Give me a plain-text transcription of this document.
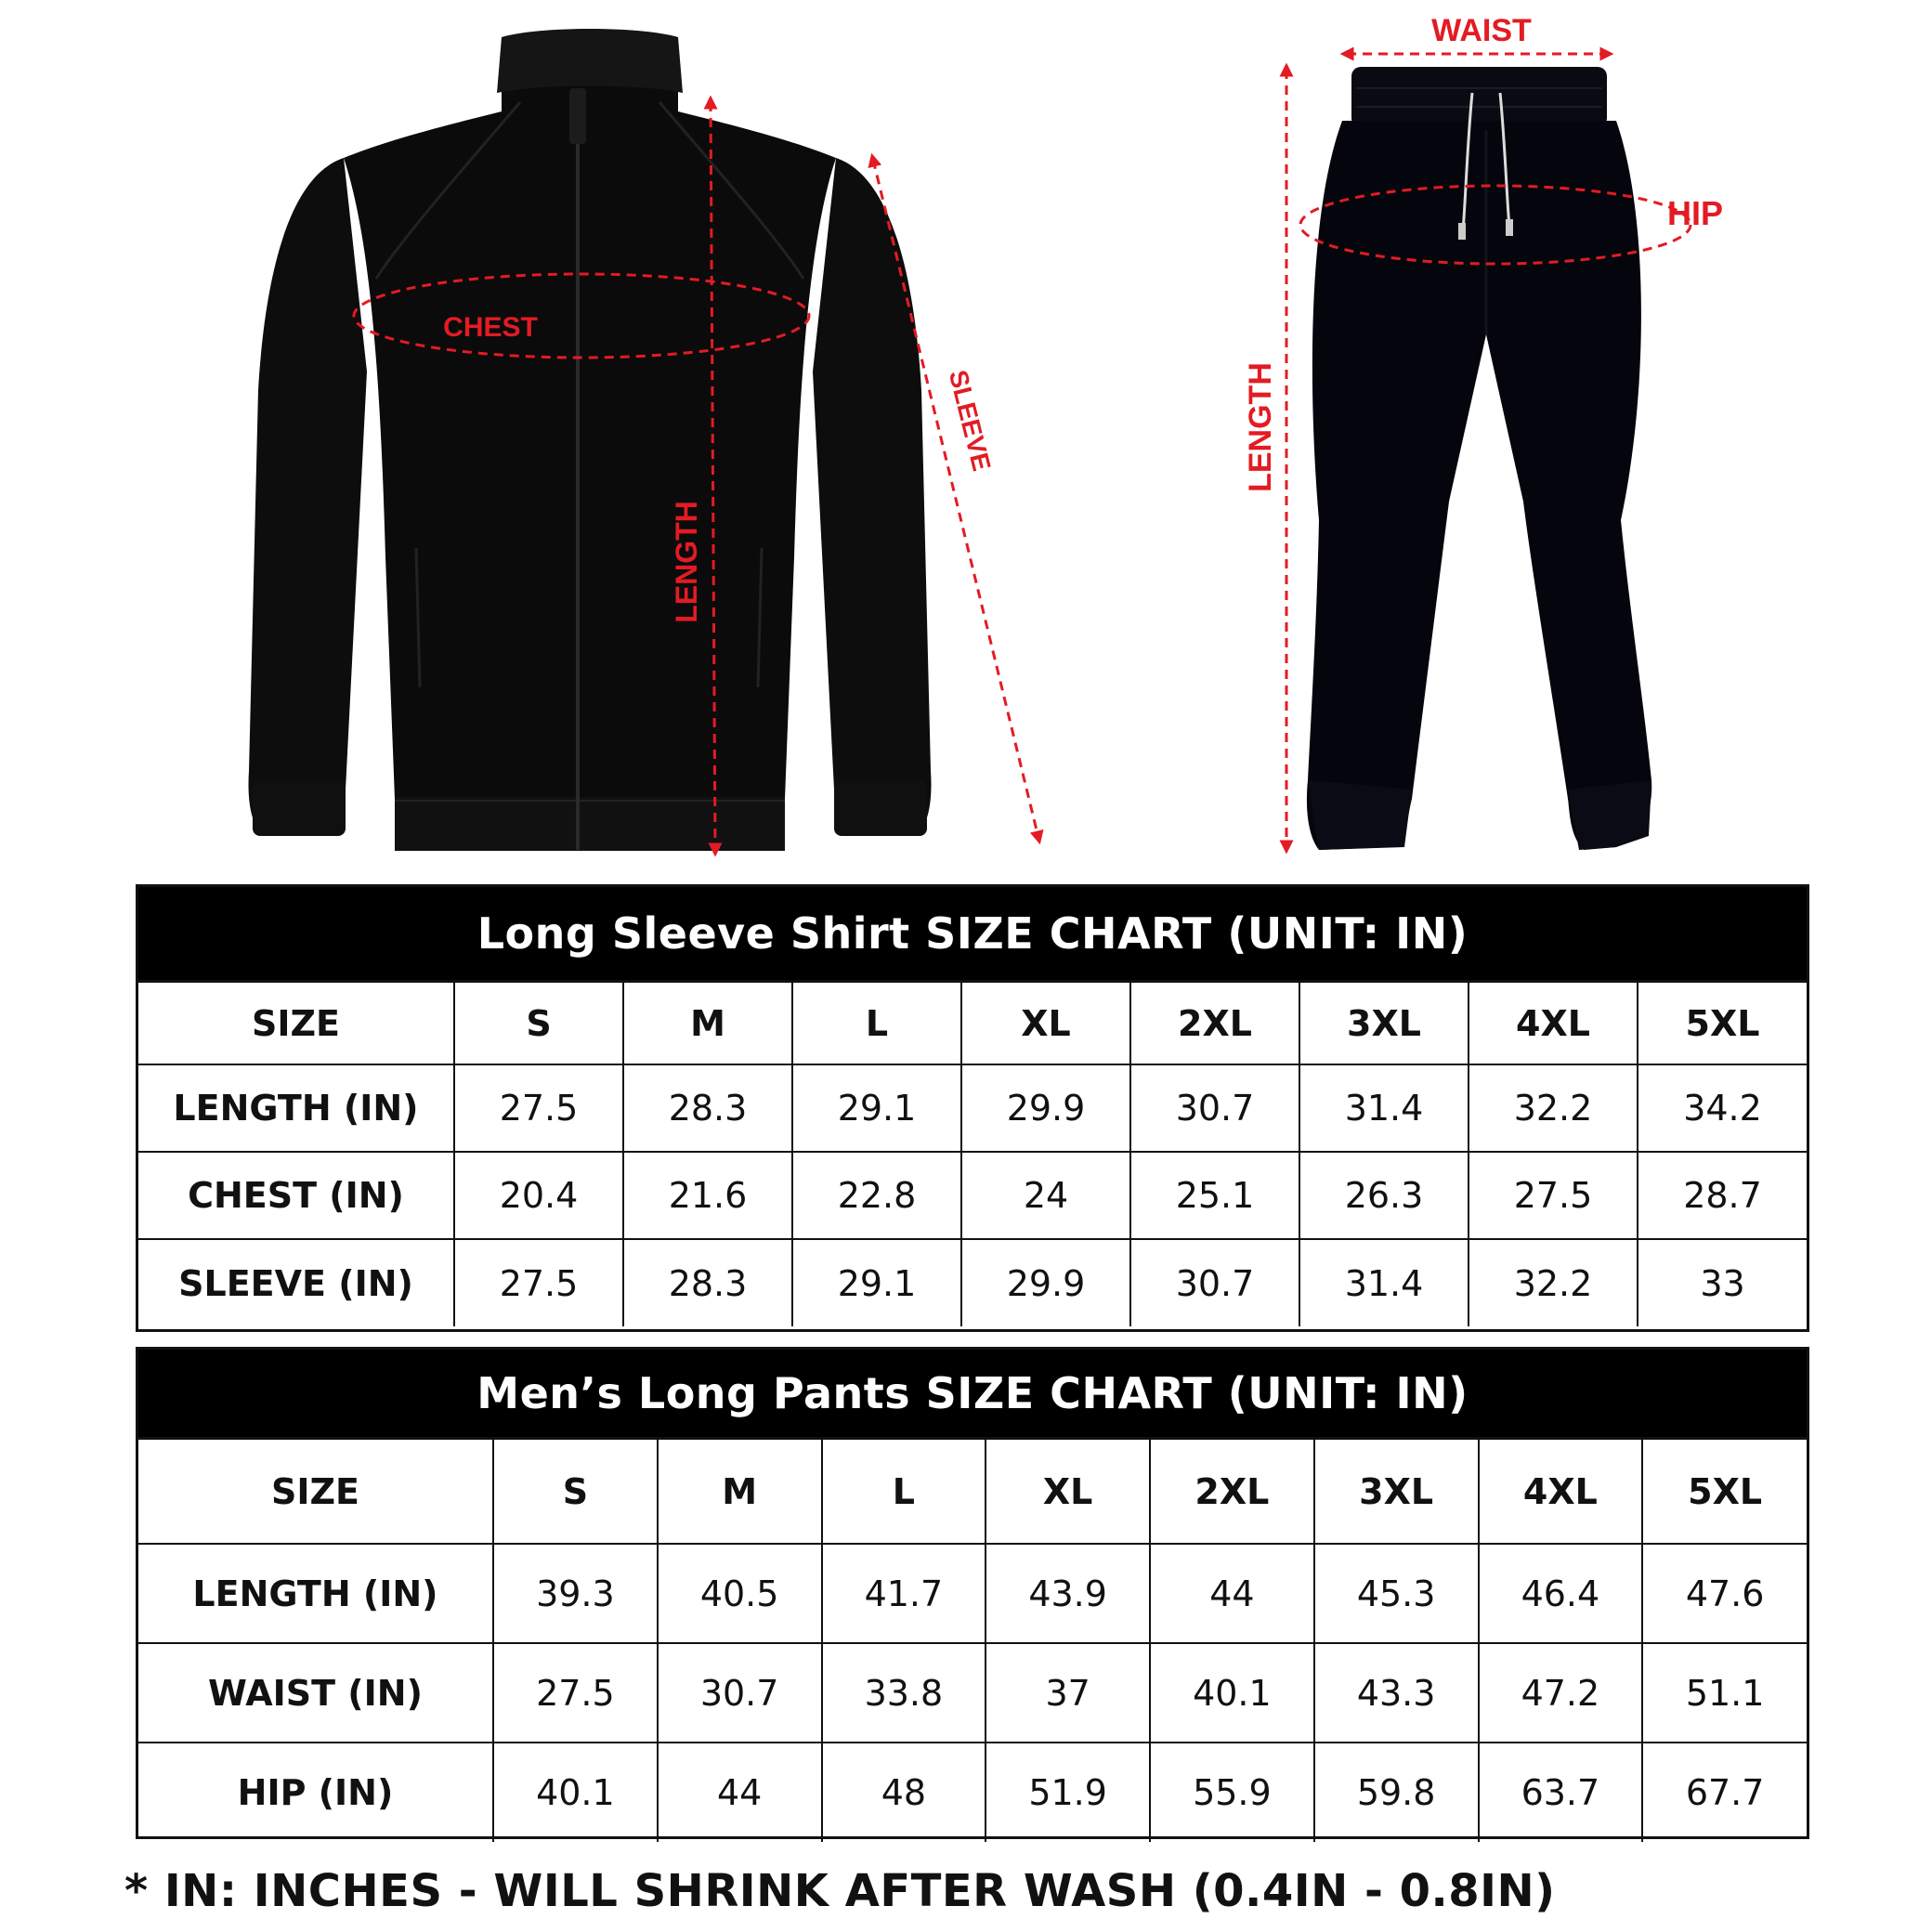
CHEST
LENGTH
SLEEVE
WAIST
HIP
LENGTH
Long Sleeve Shirt SIZE CHART (UNIT: IN)
SIZE	S	M	L	XL	2XL	3XL	4XL	5XL
LENGTH (IN)	27.5	28.3	29.1	29.9	30.7	31.4	32.2	34.2
CHEST (IN)	20.4	21.6	22.8	24	25.1	26.3	27.5	28.7
SLEEVE (IN)	27.5	28.3	29.1	29.9	30.7	31.4	32.2	33
Men’s Long Pants SIZE CHART (UNIT: IN)
SIZE	S	M	L	XL	2XL	3XL	4XL	5XL
LENGTH (IN)	39.3	40.5	41.7	43.9	44	45.3	46.4	47.6
WAIST (IN)	27.5	30.7	33.8	37	40.1	43.3	47.2	51.1
HIP (IN)	40.1	44	48	51.9	55.9	59.8	63.7	67.7
* IN: INCHES - WILL SHRINK AFTER WASH (0.4IN - 0.8IN)
